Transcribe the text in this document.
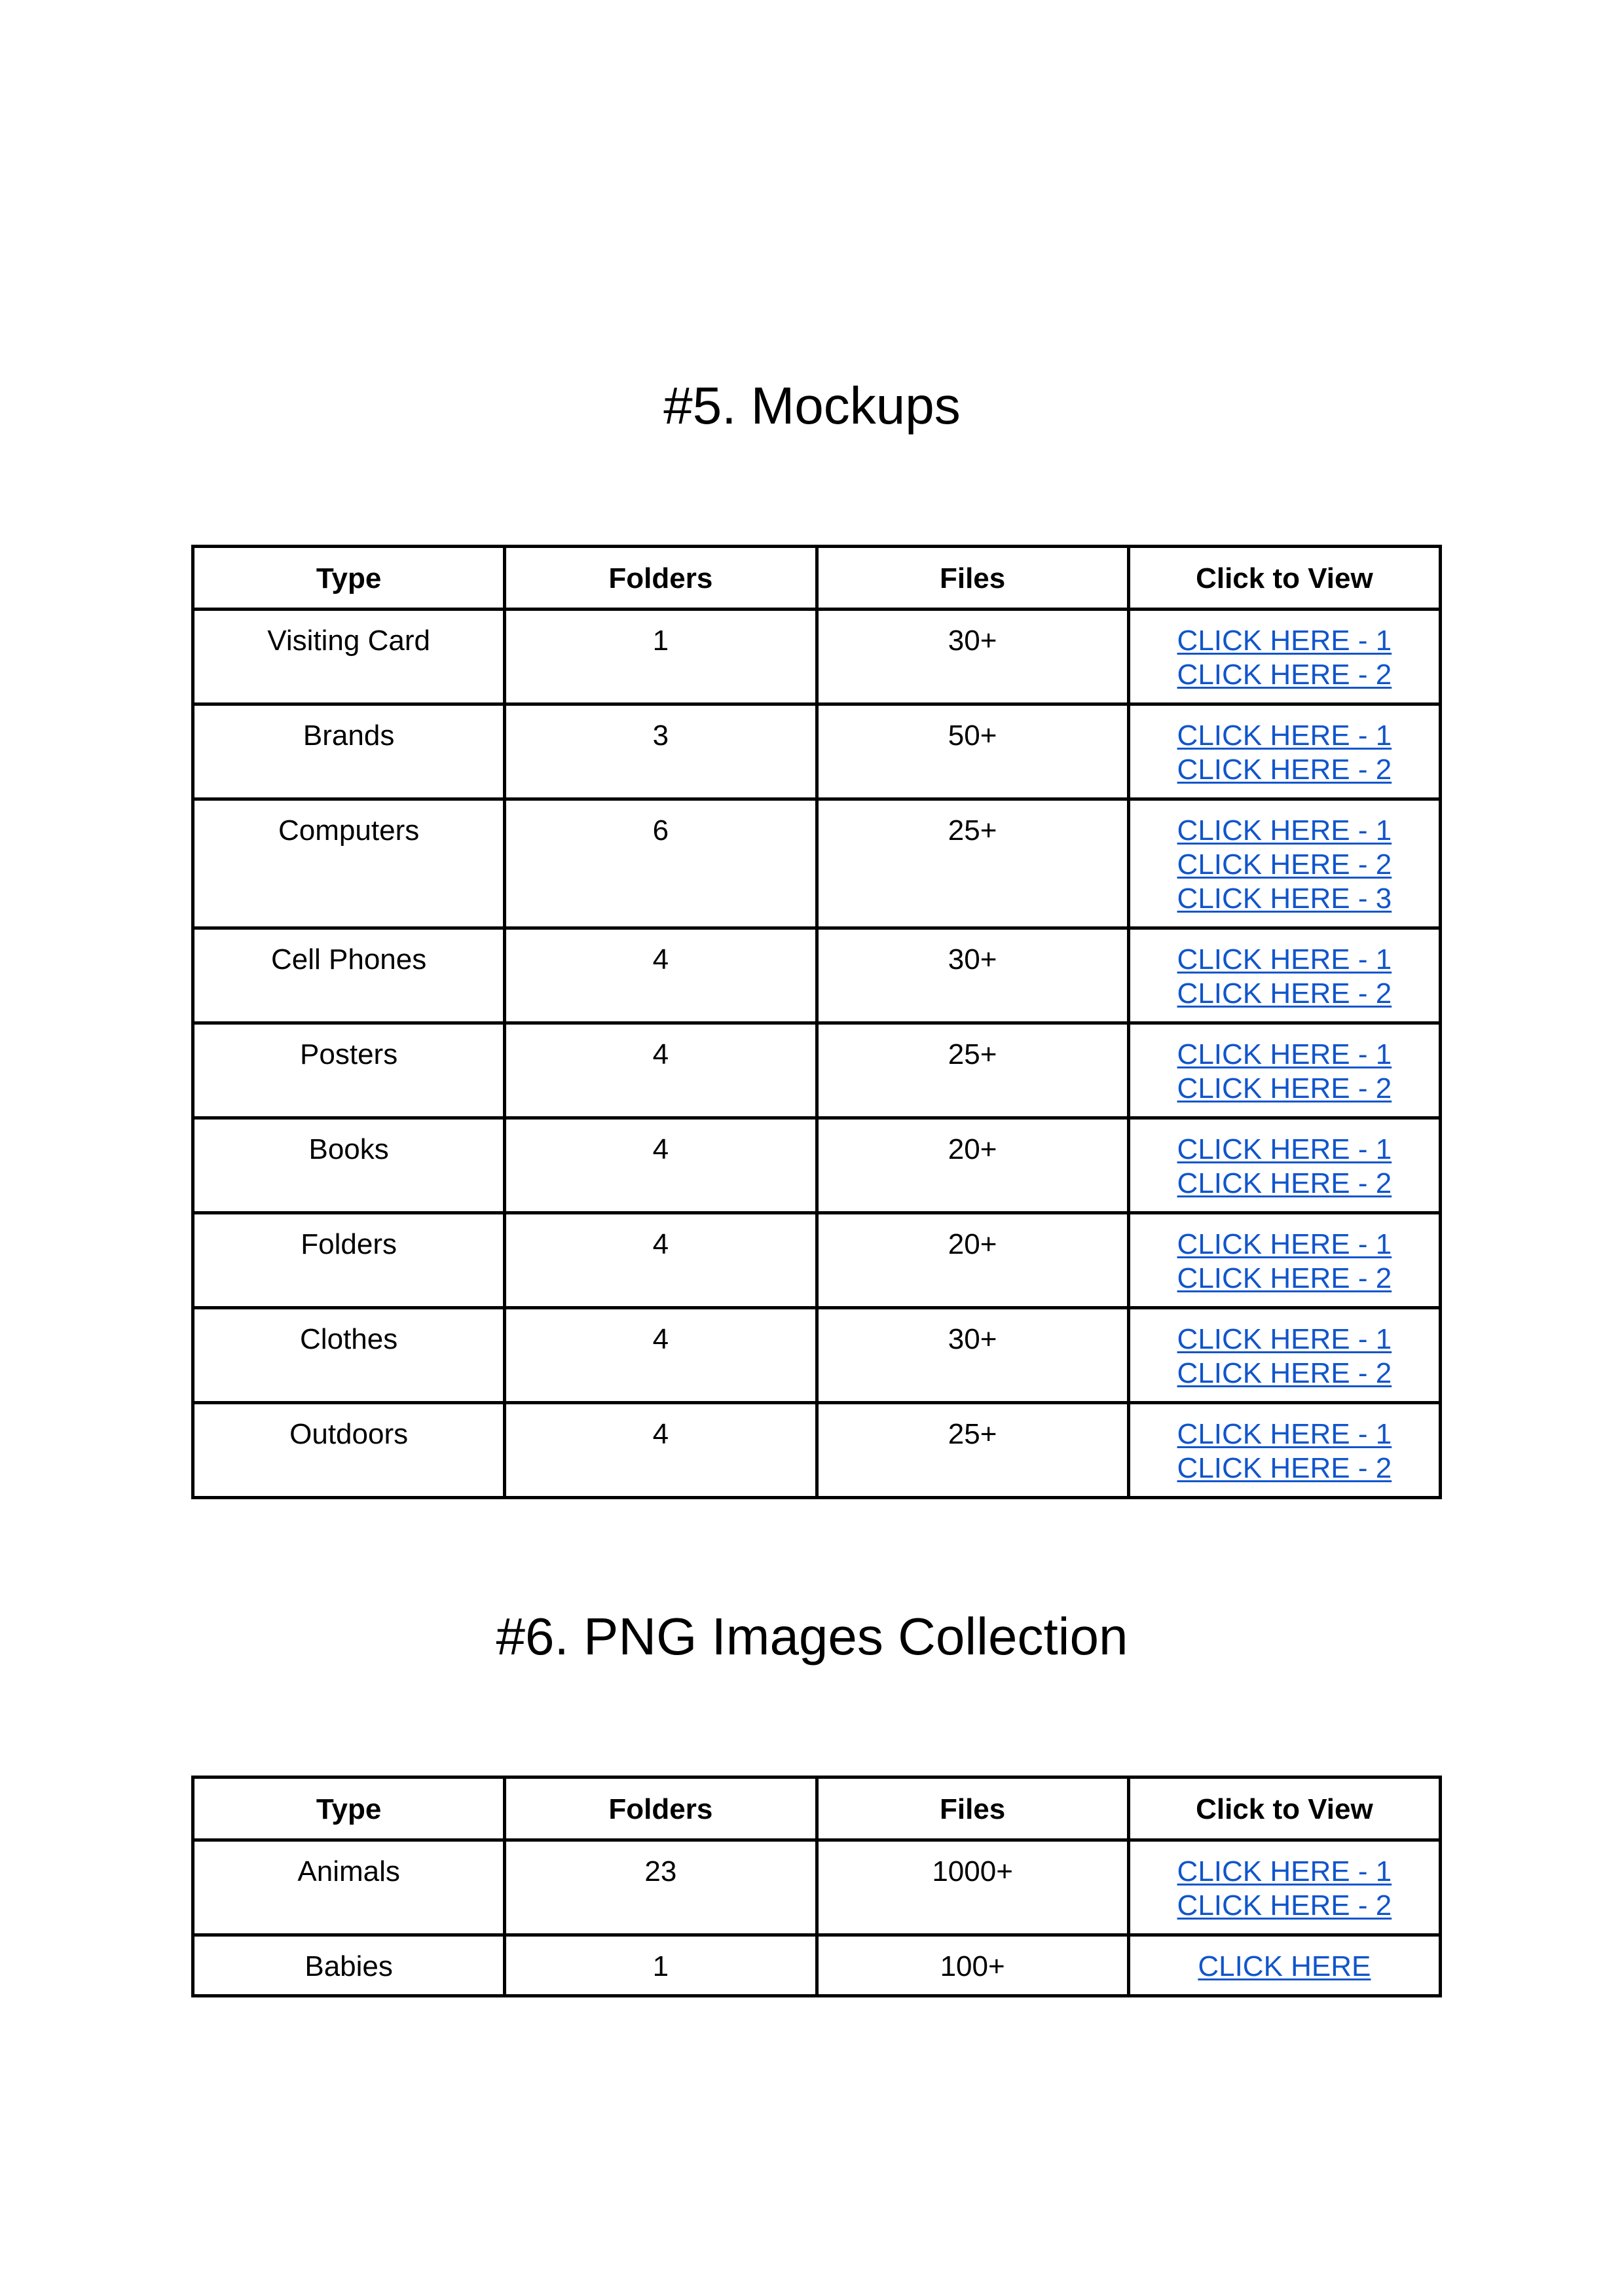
#5. Mockups
Type	Folders	Files	Click to View
Visiting Card	1	30+	CLICK HERE - 1
CLICK HERE - 2

Brands	3	50+	CLICK HERE - 1
CLICK HERE - 2

Computers	6	25+	CLICK HERE - 1
CLICK HERE - 2
CLICK HERE - 3

Cell Phones	4	30+	CLICK HERE - 1
CLICK HERE - 2

Posters	4	25+	CLICK HERE - 1
CLICK HERE - 2

Books	4	20+	CLICK HERE - 1
CLICK HERE - 2

Folders	4	20+	CLICK HERE - 1
CLICK HERE - 2

Clothes	4	30+	CLICK HERE - 1
CLICK HERE - 2

Outdoors	4	25+	CLICK HERE - 1
CLICK HERE - 2
#6. PNG Images Collection
Type	Folders	Files	Click to View
Animals	23	1000+	CLICK HERE - 1
CLICK HERE - 2

Babies	1	100+	CLICK HERE
